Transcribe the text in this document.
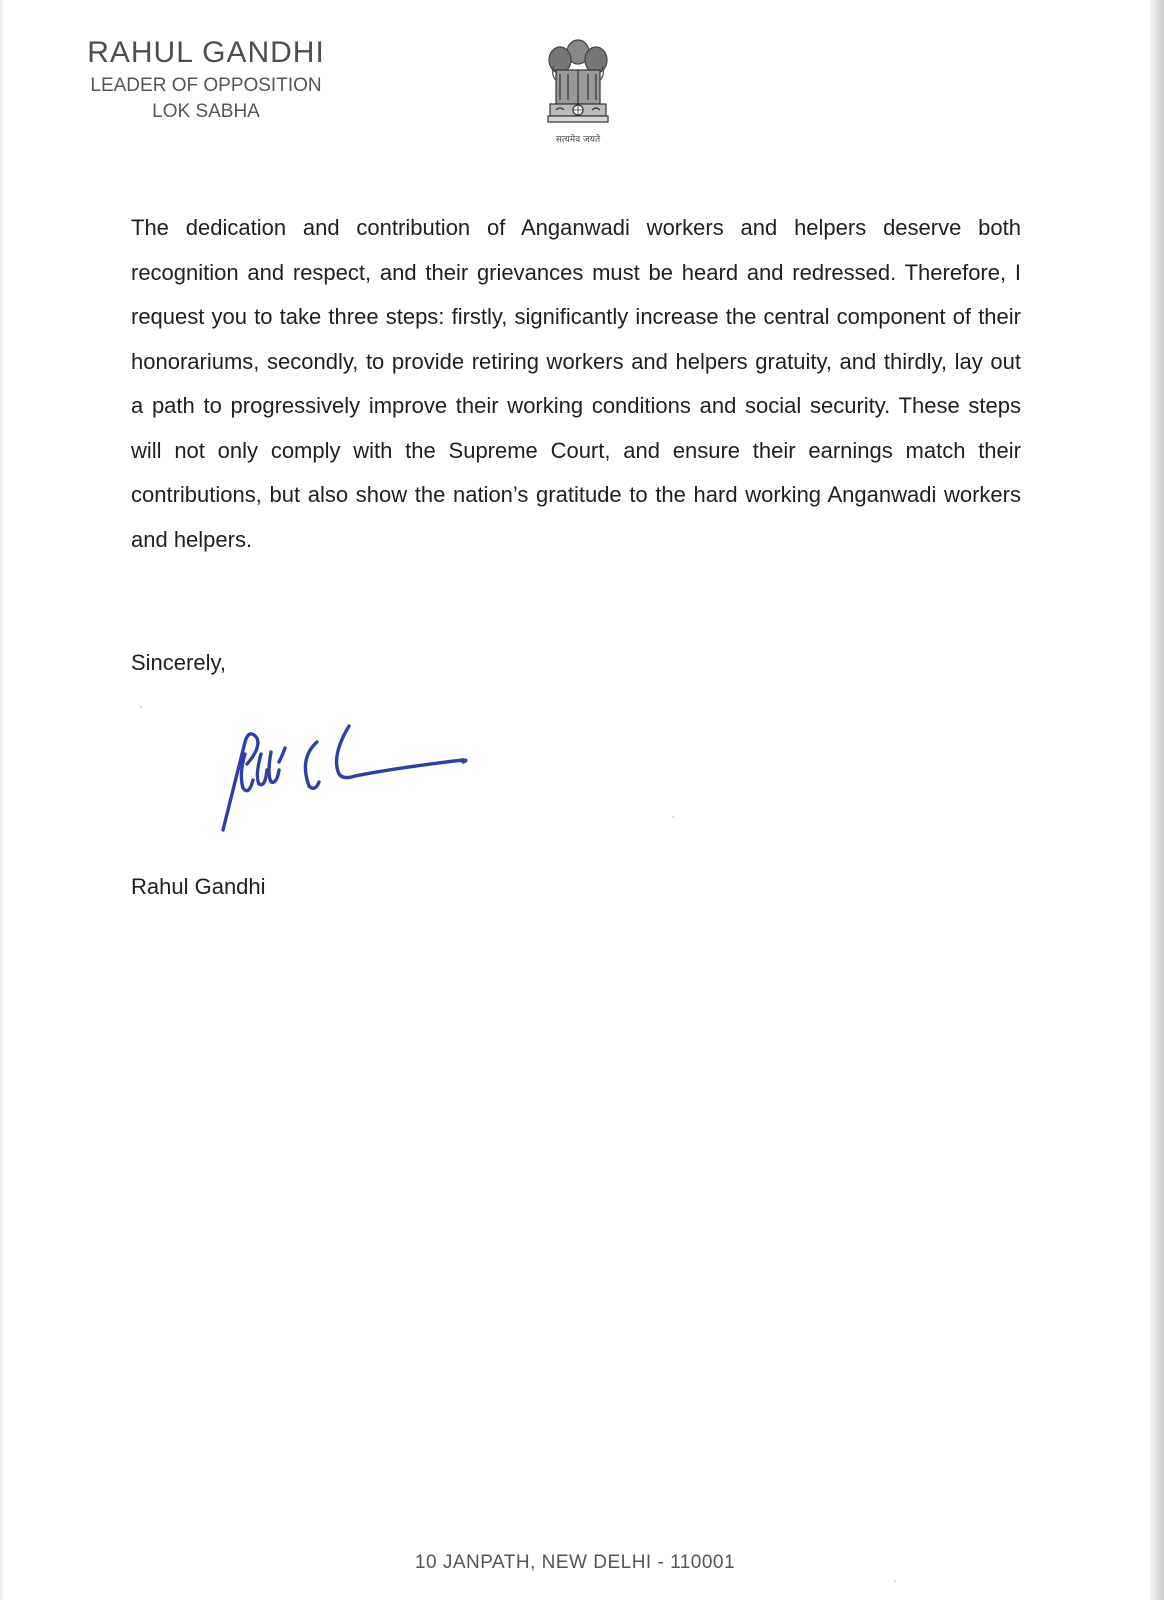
RAHUL GANDHI
LEADER OF OPPOSITION
LOK SABHA
सत्यमेव जयते
The dedication and contribution of Anganwadi workers and helpers deserve both recognition and respect, and their grievances must be heard and redressed. Therefore, I request you to take three steps: firstly, significantly increase the central component of their honorariums, secondly, to provide retiring workers and helpers gratuity, and thirdly, lay out a path to progressively improve their working conditions and social security. These steps will not only comply with the Supreme Court, and ensure their earnings match their contributions, but also show the nation’s gratitude to the hard working Anganwadi workers and helpers.
Sincerely,
Rahul Gandhi
10 JANPATH, NEW DELHI - 110001
